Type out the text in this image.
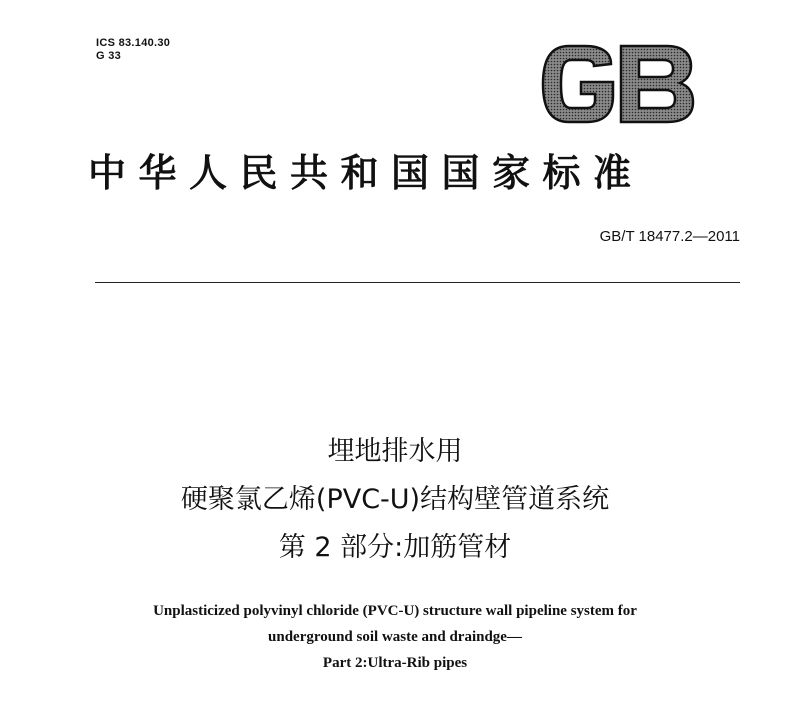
ICS 83.140.30
G 33
中华人民共和国国家标准
GB/T 18477.2—2011
埋地排水用
硬聚氯乙烯(PVC-U)结构壁管道系统
第 2 部分:加筋管材
Unplasticized polyvinyl chloride (PVC-U) structure wall pipeline system for
underground soil waste and draindge—
Part 2:Ultra-Rib pipes
